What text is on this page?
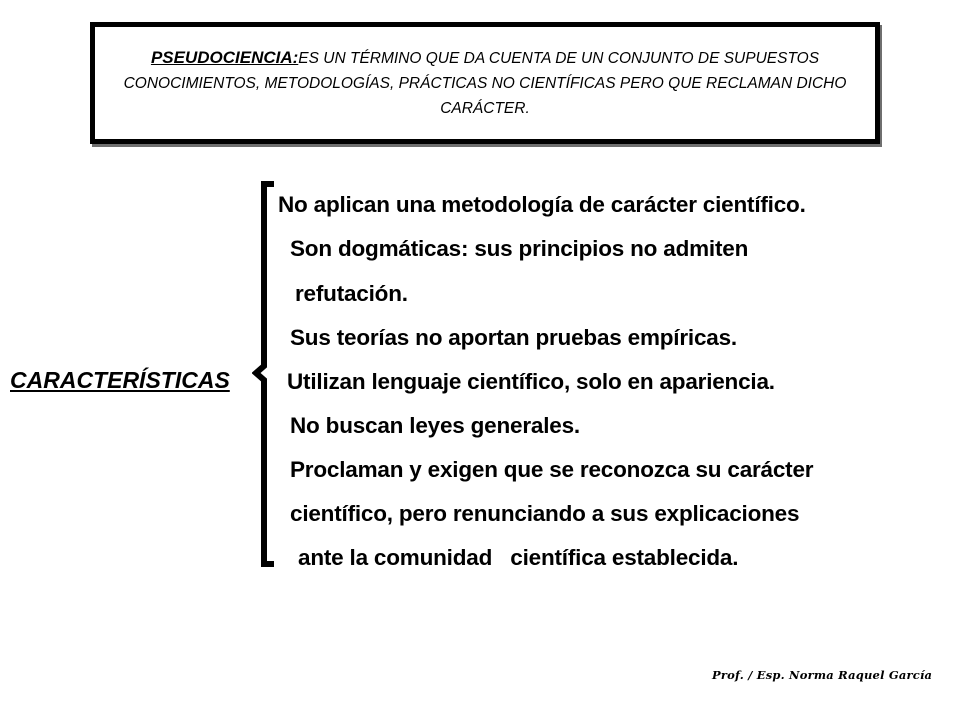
PSEUDOCIENCIA:ES UN TÉRMINO QUE DA CUENTA DE UN CONJUNTO DE SUPUESTOS CONOCIMIENTOS, METODOLOGÍAS, PRÁCTICAS NO CIENTÍFICAS PERO QUE RECLAMAN DICHO CARÁCTER.
CARACTERÍSTICAS
No aplican una metodología de carácter científico.
Son dogmáticas: sus principios no admiten
refutación.
Sus teorías no aportan pruebas empíricas.
Utilizan lenguaje científico, solo en apariencia.
No buscan leyes generales.
Proclaman y exigen que se reconozca su carácter
científico, pero renunciando a sus explicaciones
ante la comunidad   científica establecida.
Prof. / Esp. Norma Raquel García
